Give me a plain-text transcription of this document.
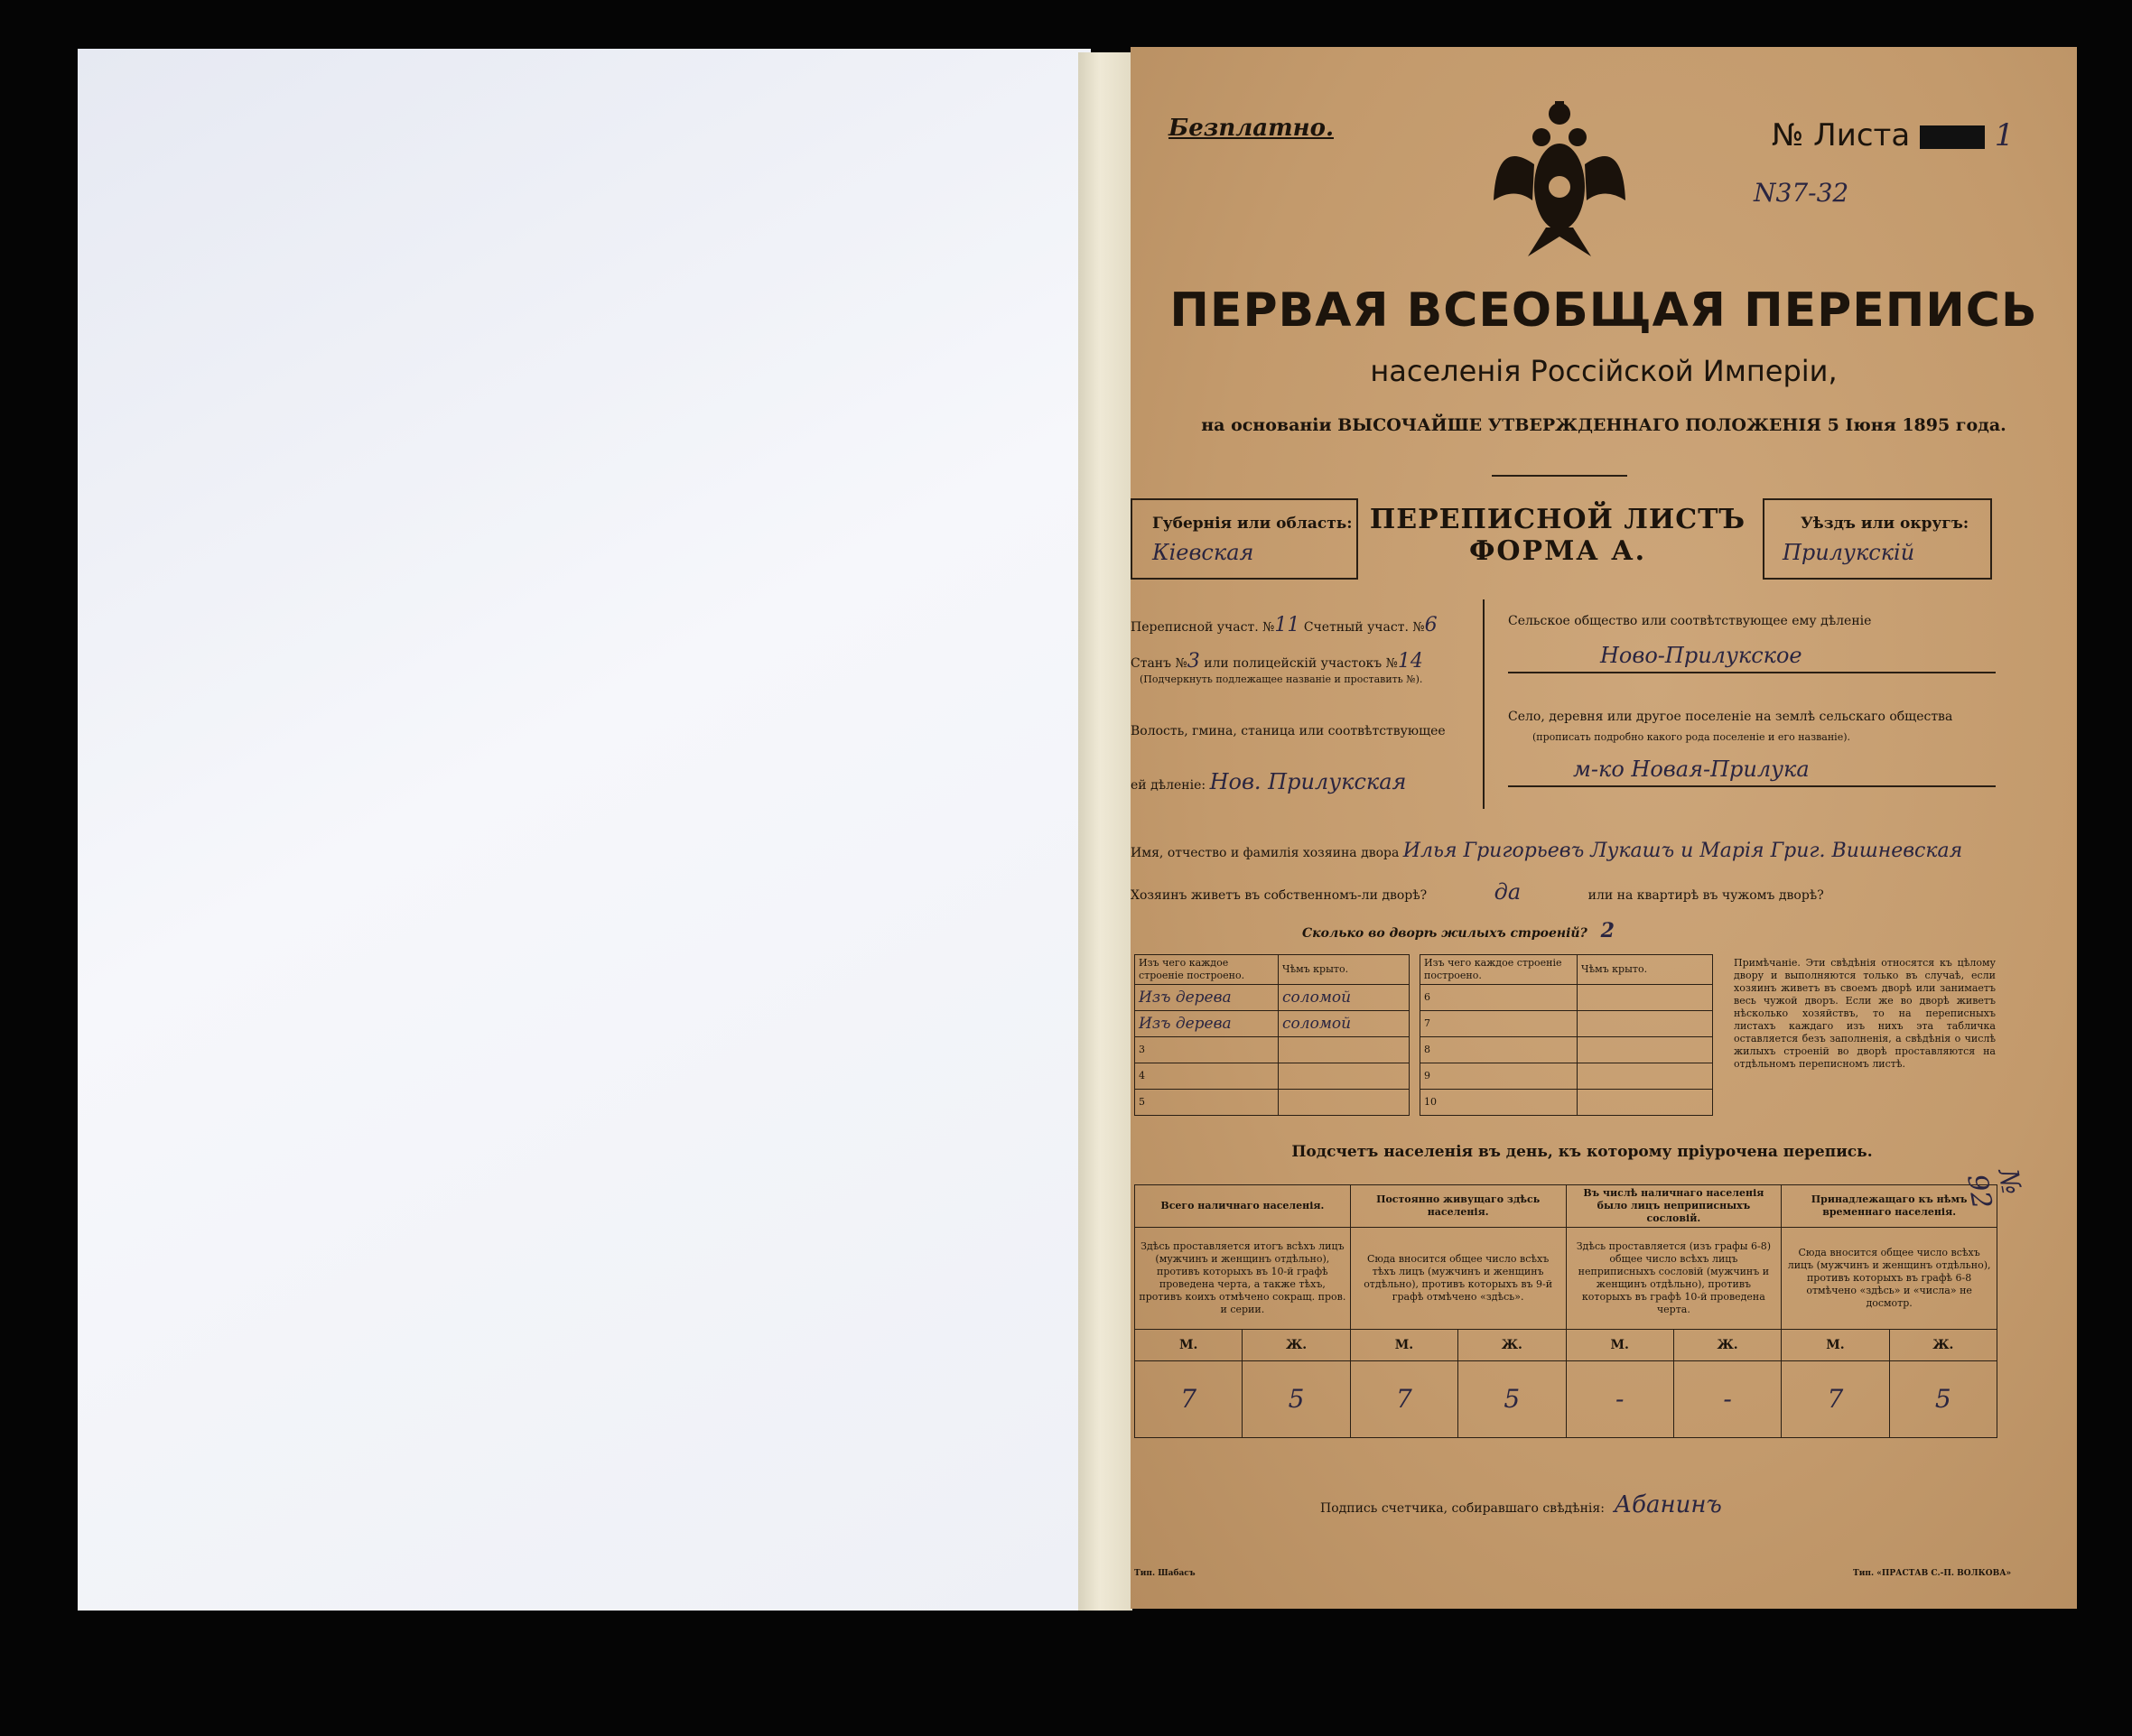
Безплатно.	№ Листа	1
N37-32
ПЕРВАЯ ВСЕОБЩАЯ ПЕРЕПИСЬ
населенія Россійской Имперіи,
на основаніи ВЫСОЧАЙШЕ УТВЕРЖДЕННАГО ПОЛОЖЕНІЯ 5 Іюня 1895 года.
Губернія или область:
Кіевская
ПЕРЕПИСНОЙ ЛИСТЪ
ФОРМА А.
Уѣздъ или округъ:
Прилукскій
Переписной участ. №11 Счетный участ. №6
Станъ №3 или полицейскій участокъ №14
(Подчеркнуть подлежащее названіе и проставить №).
Волость, гмина, станица или соотвѣтствующее
ей дѣленіе: Нов. Прилукская
Сельское общество или соотвѣтствующее ему дѣленіе
Ново-Прилукское
Село, деревня или другое поселеніе на землѣ сельскаго общества
(прописать подробно какого рода поселеніе и его названіе).
м-ко Новая-Прилука
Имя, отчество и фамилія хозяина двора Илья Григорьевъ Лукашъ и Марія Григ. Вишневская
Хозяинъ живетъ въ собственномъ-ли дворѣ?	да	или на квартирѣ въ чужомъ дворѣ?
Сколько во дворѣ жилыхъ строеній? 2
Изъ чего каждое строеніе построено.	Чѣмъ крыто.
Изъ дерева	соломой
Изъ дерева	соломой
3	
4	
5	
Изъ чего каждое строеніе построено.	Чѣмъ крыто.
6	
7	
8	
9	
10	
Примѣчаніе. Эти свѣдѣнія относятся къ цѣлому двору и выполняются только въ случаѣ, если хозяинъ живетъ въ своемъ дворѣ или занимаетъ весь чужой дворъ. Если же во дворѣ живетъ нѣсколько хозяйствъ, то на переписныхъ листахъ каждаго изъ нихъ эта табличка оставляется безъ заполненія, а свѣдѣнія о числѣ жилыхъ строеній во дворѣ проставляются на отдѣльномъ переписномъ листѣ.
Подсчетъ населенія въ день, къ которому пріурочена перепись.
Всего наличнаго населенія.		Постоянно живущаго здѣсь населенія.		Въ числѣ наличнаго населенія было лицъ неприписныхъ сословій.		Принадлежащаго къ нѣмъ временнаго населенія.	
Здѣсь проставляется итогъ всѣхъ лицъ (мужчинъ и женщинъ отдѣльно), противъ которыхъ въ 10-й графѣ проведена черта, а также тѣхъ, противъ коихъ отмѣчено сокращ. пров. и серии.		Сюда вносится общее число всѣхъ тѣхъ лицъ (мужчинъ и женщинъ отдѣльно), противъ которыхъ въ 9-й графѣ отмѣчено «здѣсь».		Здѣсь проставляется (изъ графы 6-8) общее число всѣхъ лицъ неприписныхъ сословій (мужчинъ и женщинъ отдѣльно), противъ которыхъ въ графѣ 10-й проведена черта.		Сюда вносится общее число всѣхъ лицъ (мужчинъ и женщинъ отдѣльно), противъ которыхъ въ графѣ 6-8 отмѣчено «здѣсь» и «числа» не досмотр.	
М.	Ж.	М.	Ж.	М.	Ж.	М.	Ж.
7	5	7	5	-	-	7	5
Подпись счетчика, собиравшаго свѣдѣнія: Абанинъ
Тип. Шабасъ	Тип. «ПРАСТАВ С.-П. ВОЛКОВА»
№ 92
